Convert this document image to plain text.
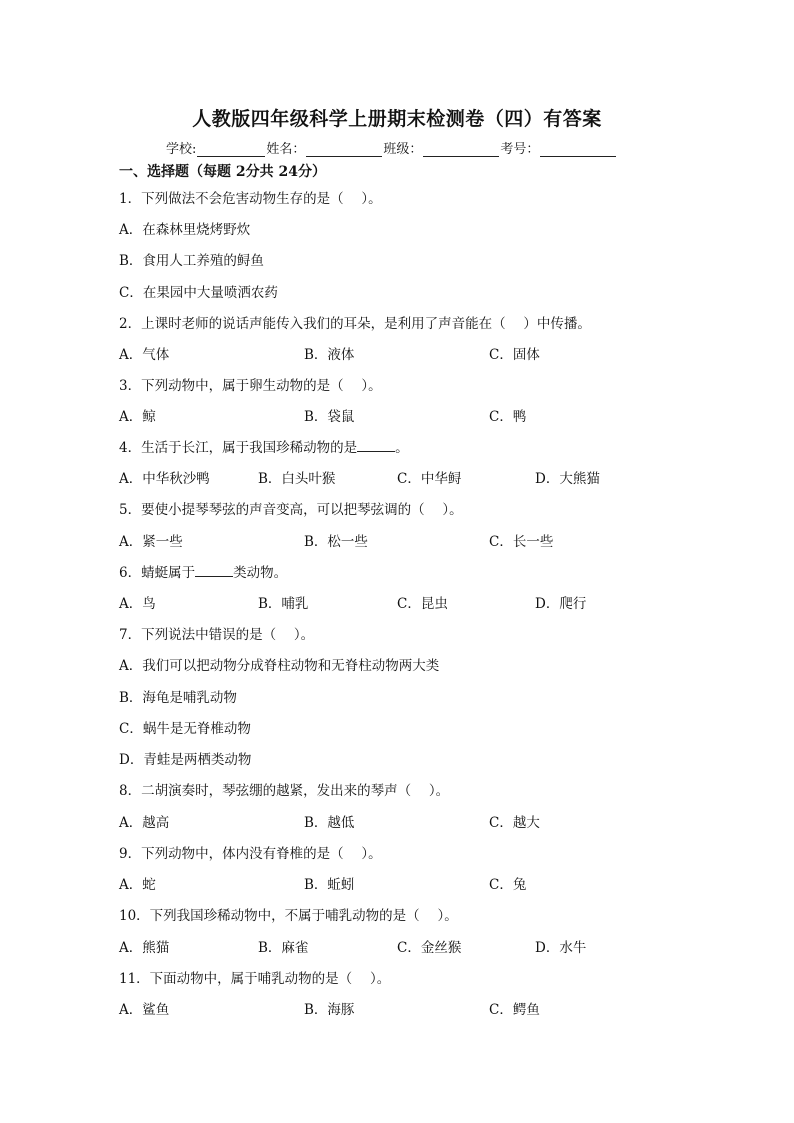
人教版四年级科学上册期末检测卷（四）有答案
学校:	姓名：	班级：	考号：
一、选择题（每题 2分共 24分）
1．下列做法不会危害动物生存的是（　 ）。
A．在森林里烧烤野炊
B．食用人工养殖的鲟鱼
C．在果园中大量喷洒农药
2．上课时老师的说话声能传入我们的耳朵，是利用了声音能在（　 ）中传播。
A．气体	B．液体	C．固体
3．下列动物中，属于卵生动物的是（　 ）。
A．鲸	B．袋鼠	C．鸭
4．生活于长江，属于我国珍稀动物的是	。
A．中华秋沙鸭	B．白头叶猴	C．中华鲟	D．大熊猫
5．要使小提琴琴弦的声音变高，可以把琴弦调的（　 ）。
A．紧一些	B．松一些	C．长一些
6．蜻蜓属于	类动物。
A．鸟	B．哺乳	C．昆虫	D．爬行
7．下列说法中错误的是（　 ）。
A．我们可以把动物分成脊柱动物和无脊柱动物两大类
B．海龟是哺乳动物
C．蜗牛是无脊椎动物
D．青蛙是两栖类动物
8．二胡演奏时，琴弦绷的越紧，发出来的琴声（　 ）。
A．越高	B．越低	C．越大
9．下列动物中，体内没有脊椎的是（　 ）。
A．蛇	B．蚯蚓	C．兔
10．下列我国珍稀动物中，不属于哺乳动物的是（　 ）。
A．熊猫	B．麻雀	C．金丝猴	D．水牛
11．下面动物中，属于哺乳动物的是（　 ）。
A．鲨鱼	B．海豚	C．鳄鱼
